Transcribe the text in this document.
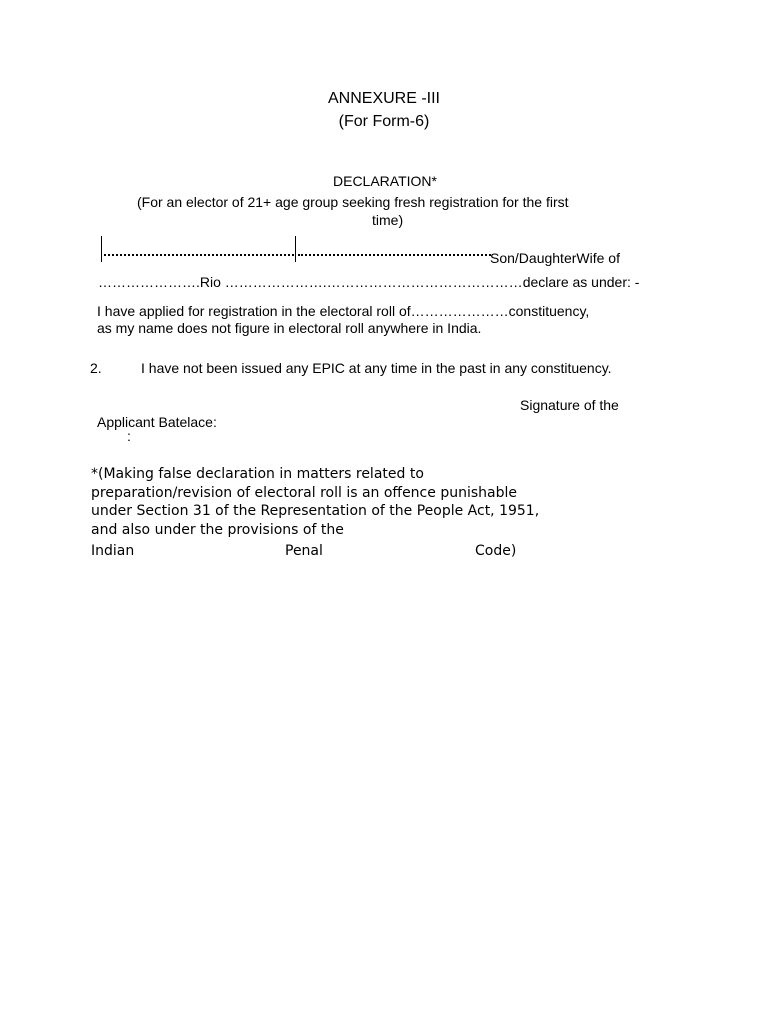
ANNEXURE -III
(For Form-6)
DECLARATION*
(For an elector of 21+ age group seeking fresh registration for the first
time)
Son/DaughterWife of
………………….Rio ………………….……………………………………declare as under: -
I have applied for registration in the electoral roll of…………………constituency,
as my name does not figure in electoral roll anywhere in India.
2.	I have not been issued any EPIC at any time in the past in any constituency.
Signature of the
Applicant Batelace:
:
*(Making false declaration in matters related to
preparation/revision of electoral roll is an offence punishable
under Section 31 of the Representation of the People Act, 1951,
and also under the provisions of the
Indian	Penal	Code)
